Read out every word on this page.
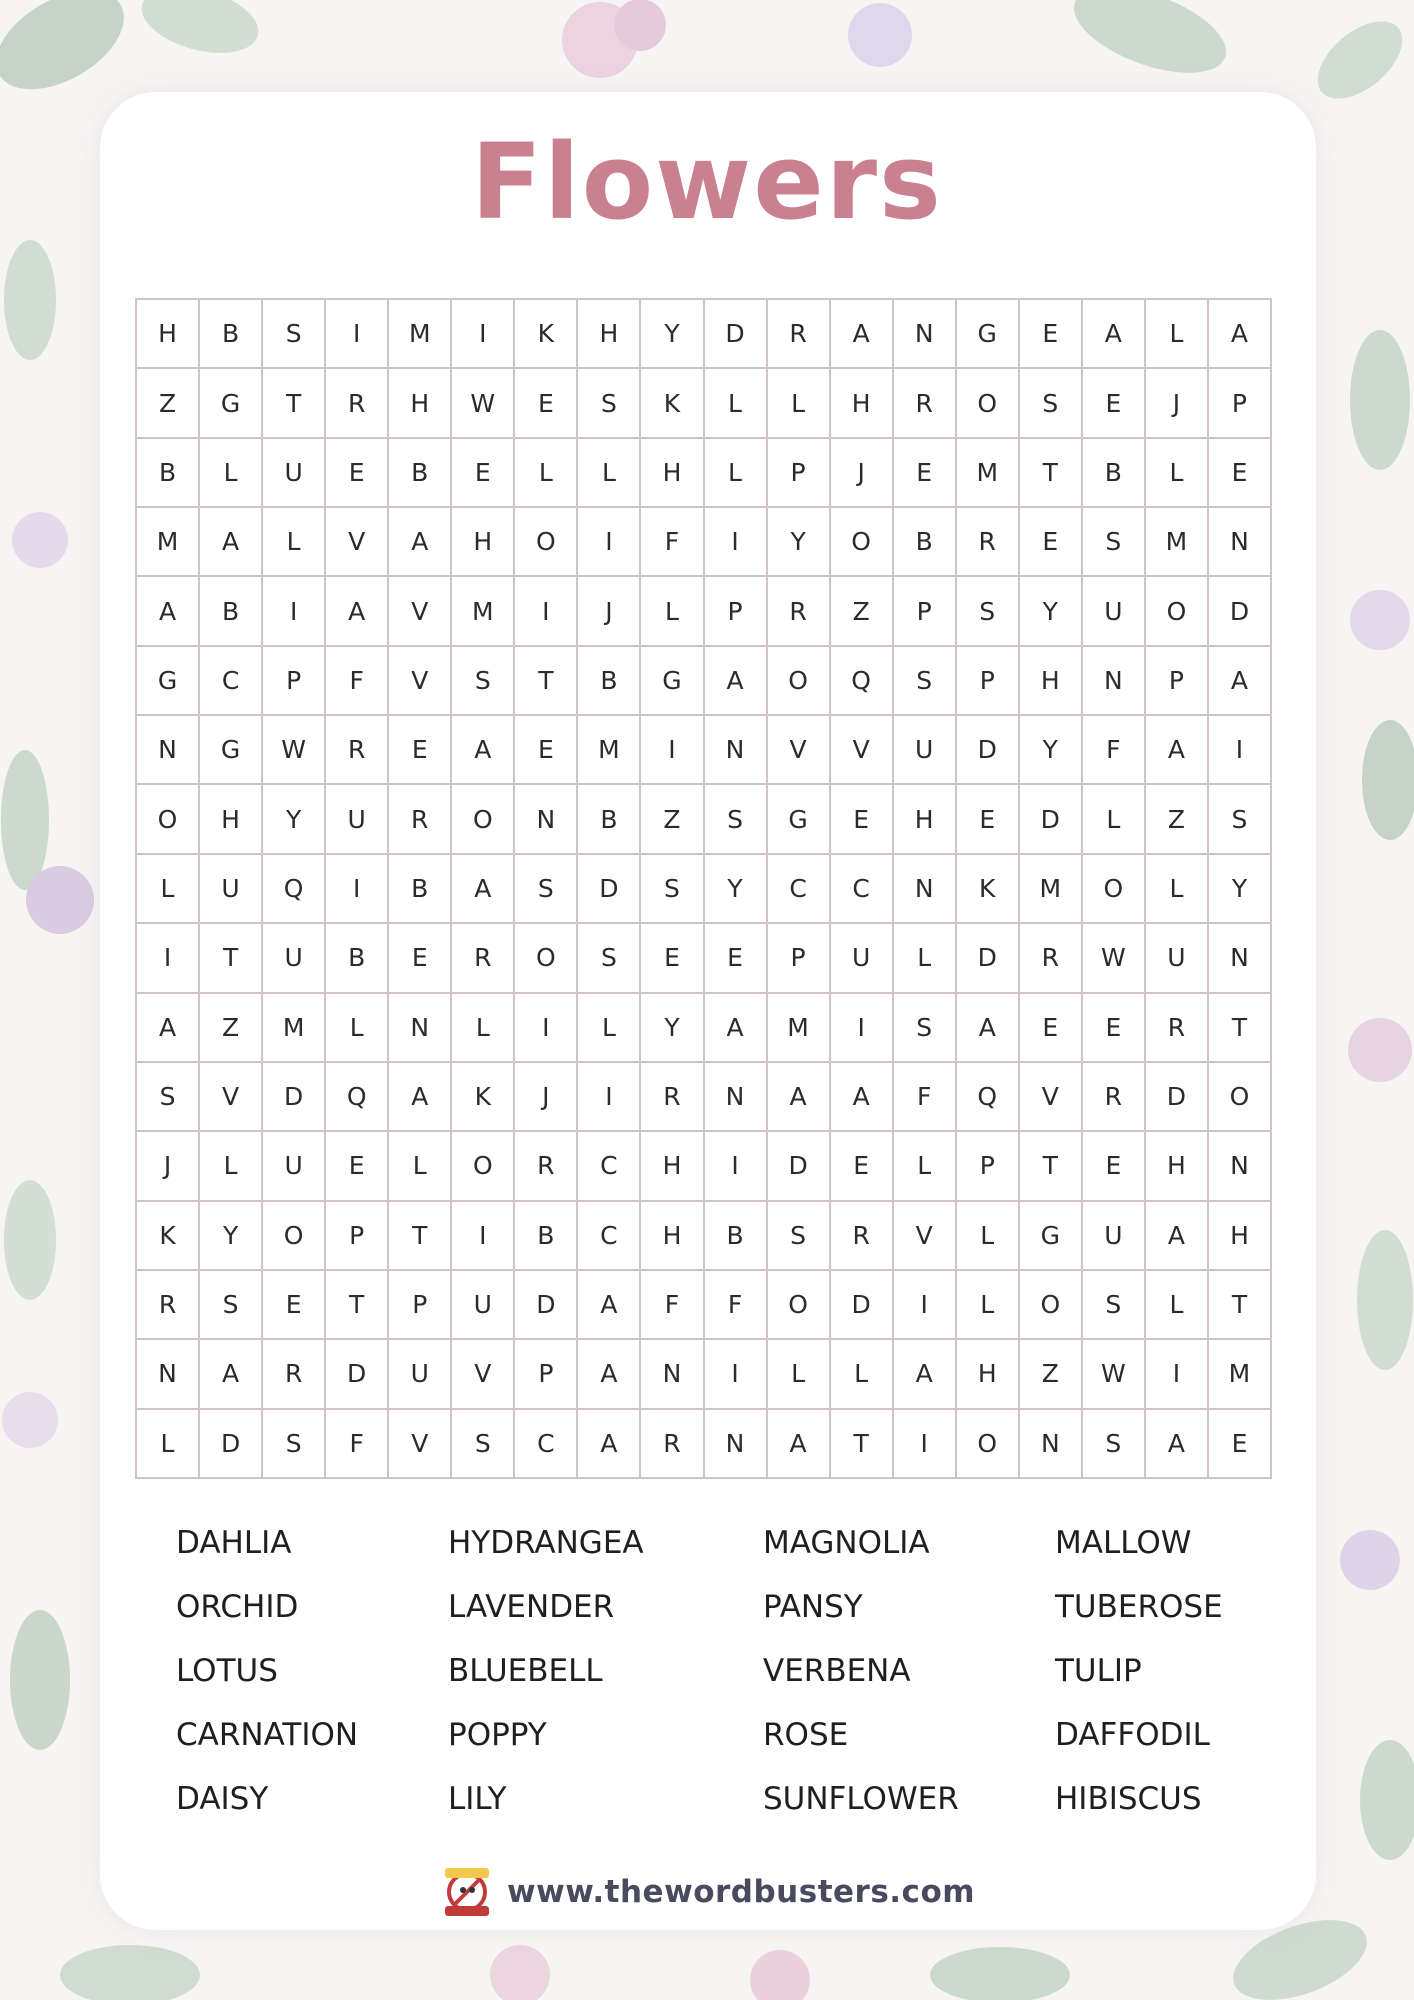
Flowers
H	B	S	I	M	I	K	H	Y	D	R	A	N	G	E	A	L	A
Z	G	T	R	H	W	E	S	K	L	L	H	R	O	S	E	J	P
B	L	U	E	B	E	L	L	H	L	P	J	E	M	T	B	L	E
M	A	L	V	A	H	O	I	F	I	Y	O	B	R	E	S	M	N
A	B	I	A	V	M	I	J	L	P	R	Z	P	S	Y	U	O	D
G	C	P	F	V	S	T	B	G	A	O	Q	S	P	H	N	P	A
N	G	W	R	E	A	E	M	I	N	V	V	U	D	Y	F	A	I
O	H	Y	U	R	O	N	B	Z	S	G	E	H	E	D	L	Z	S
L	U	Q	I	B	A	S	D	S	Y	C	C	N	K	M	O	L	Y
I	T	U	B	E	R	O	S	E	E	P	U	L	D	R	W	U	N
A	Z	M	L	N	L	I	L	Y	A	M	I	S	A	E	E	R	T
S	V	D	Q	A	K	J	I	R	N	A	A	F	Q	V	R	D	O
J	L	U	E	L	O	R	C	H	I	D	E	L	P	T	E	H	N
K	Y	O	P	T	I	B	C	H	B	S	R	V	L	G	U	A	H
R	S	E	T	P	U	D	A	F	F	O	D	I	L	O	S	L	T
N	A	R	D	U	V	P	A	N	I	L	L	A	H	Z	W	I	M
L	D	S	F	V	S	C	A	R	N	A	T	I	O	N	S	A	E
DAHLIA
ORCHID
LOTUS
CARNATION
DAISY
HYDRANGEA
LAVENDER
BLUEBELL
POPPY
LILY
MAGNOLIA
PANSY
VERBENA
ROSE
SUNFLOWER
MALLOW
TUBEROSE
TULIP
DAFFODIL
HIBISCUS
www.thewordbusters.com
